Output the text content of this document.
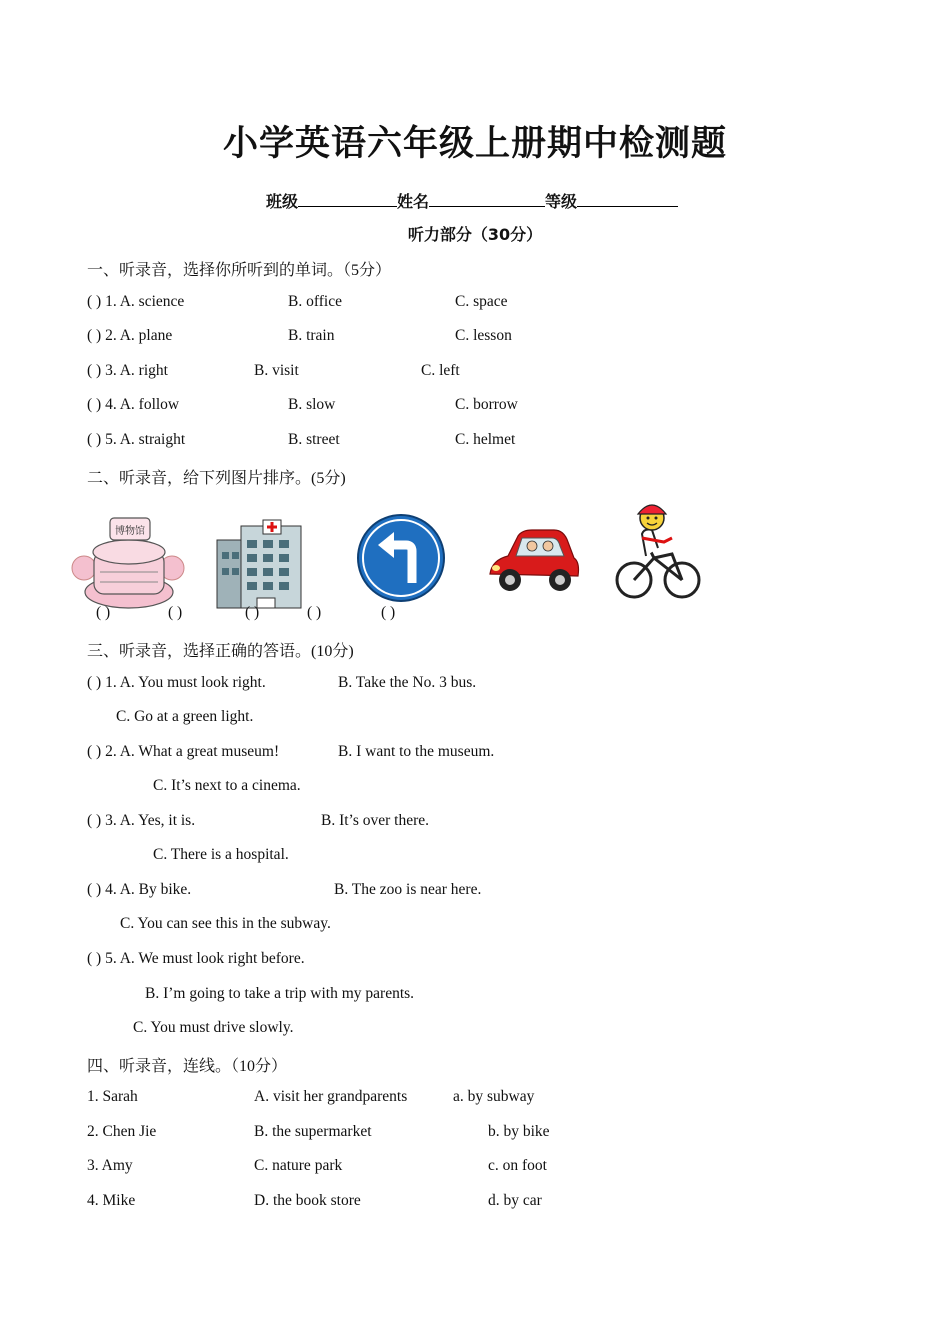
小学英语六年级上册期中检测题
班级	姓名	等级
听力部分（30分）
一、听录音，选择你所听到的单词。（5分）
( ) 1. A. science	B. office	C. space
( ) 2. A. plane	B. train	C. lesson
( ) 3. A. right	B. visit	C. left
( ) 4. A. follow	B. slow	C. borrow
( ) 5. A. straight	B. street	C. helmet
二、听录音，给下列图片排序。(5分)
博物馆
( )	( )	( )	( )	( )
三、听录音，选择正确的答语。(10分)
( ) 1. A. You must look right.	B. Take the No. 3 bus.
C. Go at a green light.
( ) 2. A. What a great museum!	B. I want to the museum.
C. It’s next to a cinema.
( ) 3. A. Yes, it is.	B. It’s over there.
C. There is a hospital.
( ) 4. A. By bike.	B. The zoo is near here.
C. You can see this in the subway.
( ) 5. A. We must look right before.
B. I’m going to take a trip with my parents.
C. You must drive slowly.
四、听录音，连线。（10分）
1. Sarah	A. visit her grandparents	a. by subway
2. Chen Jie	B. the supermarket	b. by bike
3. Amy	C. nature park	c. on foot
4. Mike	D. the book store	d. by car
